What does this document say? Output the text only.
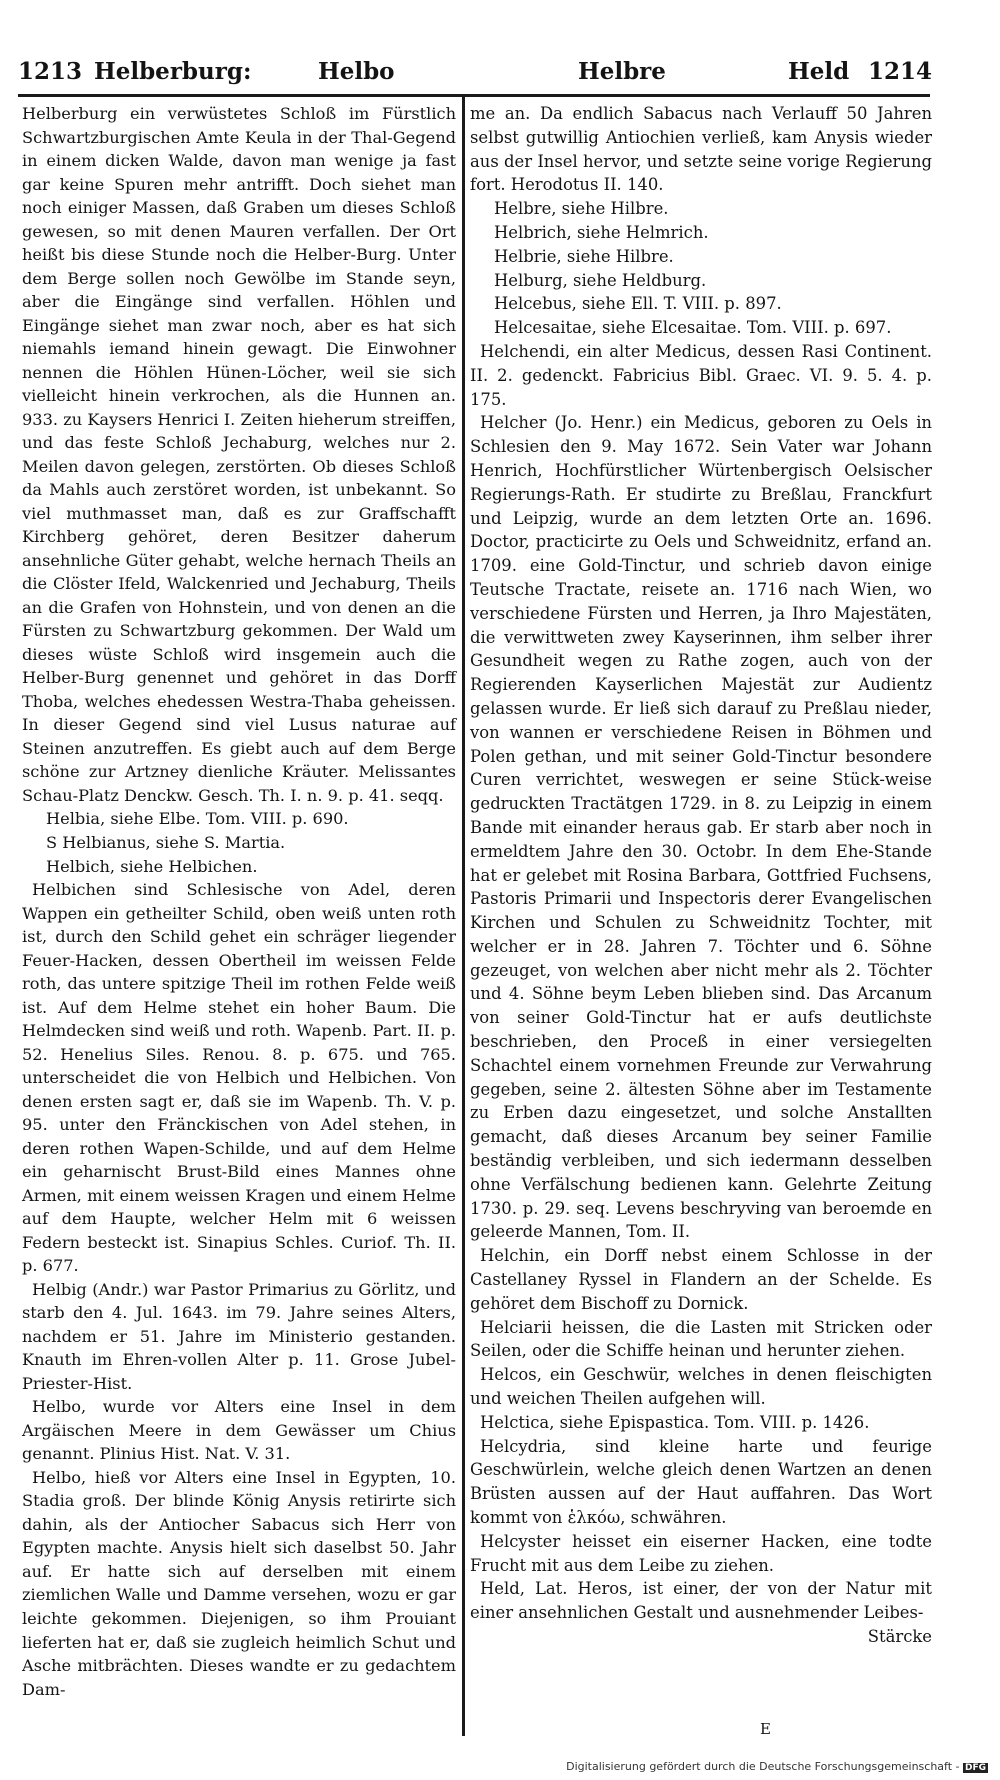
1213 Helberburg:	Helbo	Helbre	Held 1214

Helberburg ein verwüstetes Schloß im Fürstlich Schwartzburgischen Amte Keula in der Thal-Gegend in einem dicken Walde, davon man wenige ja fast gar keine Spuren mehr antrifft. Doch siehet man noch einiger Massen, daß Graben um dieses Schloß gewesen, so mit denen Mauren verfallen. Der Ort heißt bis diese Stunde noch die Helber-Burg. Unter dem Berge sollen noch Gewölbe im Stande seyn, aber die Eingänge sind verfallen. Höhlen und Eingänge siehet man zwar noch, aber es hat sich niemahls iemand hinein gewagt. Die Einwohner nennen die Höhlen Hünen-Löcher, weil sie sich vielleicht hinein verkrochen, als die Hunnen an. 933. zu Kaysers Henrici I. Zeiten hieherum streiffen, und das feste Schloß Jechaburg, welches nur 2. Meilen davon gelegen, zerstörten. Ob dieses Schloß da Mahls auch zerstöret worden, ist unbekannt. So viel muthmasset man, daß es zur Graffschafft Kirchberg gehöret, deren Besitzer daherum ansehnliche Güter gehabt, welche hernach Theils an die Clöster Ifeld, Walckenried und Jechaburg, Theils an die Grafen von Hohnstein, und von denen an die Fürsten zu Schwartzburg gekommen. Der Wald um dieses wüste Schloß wird insgemein auch die Helber-Burg genennet und gehöret in das Dorff Thoba, welches ehedessen Westra-Thaba geheissen. In dieser Gegend sind viel Lusus naturae auf Steinen anzutreffen. Es giebt auch auf dem Berge schöne zur Artzney dienliche Kräuter. Melissantes Schau-Platz Denckw. Gesch. Th. I. n. 9. p. 41. seqq.

Helbia, siehe Elbe. Tom. VIII. p. 690.

S Helbianus, siehe S. Martia.

Helbich, siehe Helbichen.

Helbichen sind Schlesische von Adel, deren Wappen ein getheilter Schild, oben weiß unten roth ist, durch den Schild gehet ein schräger liegender Feuer-Hacken, dessen Obertheil im weissen Felde roth, das untere spitzige Theil im rothen Felde weiß ist. Auf dem Helme stehet ein hoher Baum. Die Helmdecken sind weiß und roth. Wapenb. Part. II. p. 52. Henelius Siles. Renou. 8. p. 675. und 765. unterscheidet die von Helbich und Helbichen. Von denen ersten sagt er, daß sie im Wapenb. Th. V. p. 95. unter den Fränckischen von Adel stehen, in deren rothen Wapen-Schilde, und auf dem Helme ein geharnischt Brust-Bild eines Mannes ohne Armen, mit einem weissen Kragen und einem Helme auf dem Haupte, welcher Helm mit 6 weissen Federn besteckt ist. Sinapius Schles. Curiof. Th. II. p. 677.

Helbig (Andr.) war Pastor Primarius zu Görlitz, und starb den 4. Jul. 1643. im 79. Jahre seines Alters, nachdem er 51. Jahre im Ministerio gestanden. Knauth im Ehren-vollen Alter p. 11. Grose Jubel-Priester-Hist.

Helbo, wurde vor Alters eine Insel in dem Argäischen Meere in dem Gewässer um Chius genannt. Plinius Hist. Nat. V. 31.

Helbo, hieß vor Alters eine Insel in Egypten, 10. Stadia groß. Der blinde König Anysis retirirte sich dahin, als der Antiocher Sabacus sich Herr von Egypten machte. Anysis hielt sich daselbst 50. Jahr auf. Er hatte sich auf derselben mit einem ziemlichen Walle und Damme versehen, wozu er gar leichte gekommen. Diejenigen, so ihm Prouiant lieferten hat er, daß sie zugleich heimlich Schut und Asche mitbrächten. Dieses wandte er zu gedachtem Dam-

me an. Da endlich Sabacus nach Verlauff 50 Jahren selbst gutwillig Antiochien verließ, kam Anysis wieder aus der Insel hervor, und setzte seine vorige Regierung fort. Herodotus II. 140.

Helbre, siehe Hilbre.

Helbrich, siehe Helmrich.

Helbrie, siehe Hilbre.

Helburg, siehe Heldburg.

Helcebus, siehe Ell. T. VIII. p. 897.

Helcesaitae, siehe Elcesaitae. Tom. VIII. p. 697.

Helchendi, ein alter Medicus, dessen Rasi Continent. II. 2. gedenckt. Fabricius Bibl. Graec. VI. 9. 5. 4. p. 175.

Helcher (Jo. Henr.) ein Medicus, geboren zu Oels in Schlesien den 9. May 1672. Sein Vater war Johann Henrich, Hochfürstlicher Würtenbergisch Oelsischer Regierungs-Rath. Er studirte zu Breßlau, Franckfurt und Leipzig, wurde an dem letzten Orte an. 1696. Doctor, practicirte zu Oels und Schweidnitz, erfand an. 1709. eine Gold-Tinctur, und schrieb davon einige Teutsche Tractate, reisete an. 1716 nach Wien, wo verschiedene Fürsten und Herren, ja Ihro Majestäten, die verwittweten zwey Kayserinnen, ihm selber ihrer Gesundheit wegen zu Rathe zogen, auch von der Regierenden Kayserlichen Majestät zur Audientz gelassen wurde. Er ließ sich darauf zu Preßlau nieder, von wannen er verschiedene Reisen in Böhmen und Polen gethan, und mit seiner Gold-Tinctur besondere Curen verrichtet, weswegen er seine Stück-weise gedruckten Tractätgen 1729. in 8. zu Leipzig in einem Bande mit einander heraus gab. Er starb aber noch in ermeldtem Jahre den 30. Octobr. In dem Ehe-Stande hat er gelebet mit Rosina Barbara, Gottfried Fuchsens, Pastoris Primarii und Inspectoris derer Evangelischen Kirchen und Schulen zu Schweidnitz Tochter, mit welcher er in 28. Jahren 7. Töchter und 6. Söhne gezeuget, von welchen aber nicht mehr als 2. Töchter und 4. Söhne beym Leben blieben sind. Das Arcanum von seiner Gold-Tinctur hat er aufs deutlichste beschrieben, den Proceß in einer versiegelten Schachtel einem vornehmen Freunde zur Verwahrung gegeben, seine 2. ältesten Söhne aber im Testamente zu Erben dazu eingesetzet, und solche Anstallten gemacht, daß dieses Arcanum bey seiner Familie beständig verbleiben, und sich iedermann desselben ohne Verfälschung bedienen kann. Gelehrte Zeitung 1730. p. 29. seq. Levens beschryving van beroemde en geleerde Mannen, Tom. II.

Helchin, ein Dorff nebst einem Schlosse in der Castellaney Ryssel in Flandern an der Schelde. Es gehöret dem Bischoff zu Dornick.

Helciarii heissen, die die Lasten mit Stricken oder Seilen, oder die Schiffe heinan und herunter ziehen.

Helcos, ein Geschwür, welches in denen fleischigten und weichen Theilen aufgehen will.

Helctica, siehe Epispastica. Tom. VIII. p. 1426.

Helcydria, sind kleine harte und feurige Geschwürlein, welche gleich denen Wartzen an denen Brüsten aussen auf der Haut auffahren. Das Wort kommt von ἑλκόω, schwähren.

Helcyster heisset ein eiserner Hacken, eine todte Frucht mit aus dem Leibe zu ziehen.

Held, Lat. Heros, ist einer, der von der Natur mit einer ansehnlichen Gestalt und ausnehmender Leibes-

Stärcke

E
Digitalisierung gefördert durch die Deutsche Forschungsgemeinschaft - DFG
